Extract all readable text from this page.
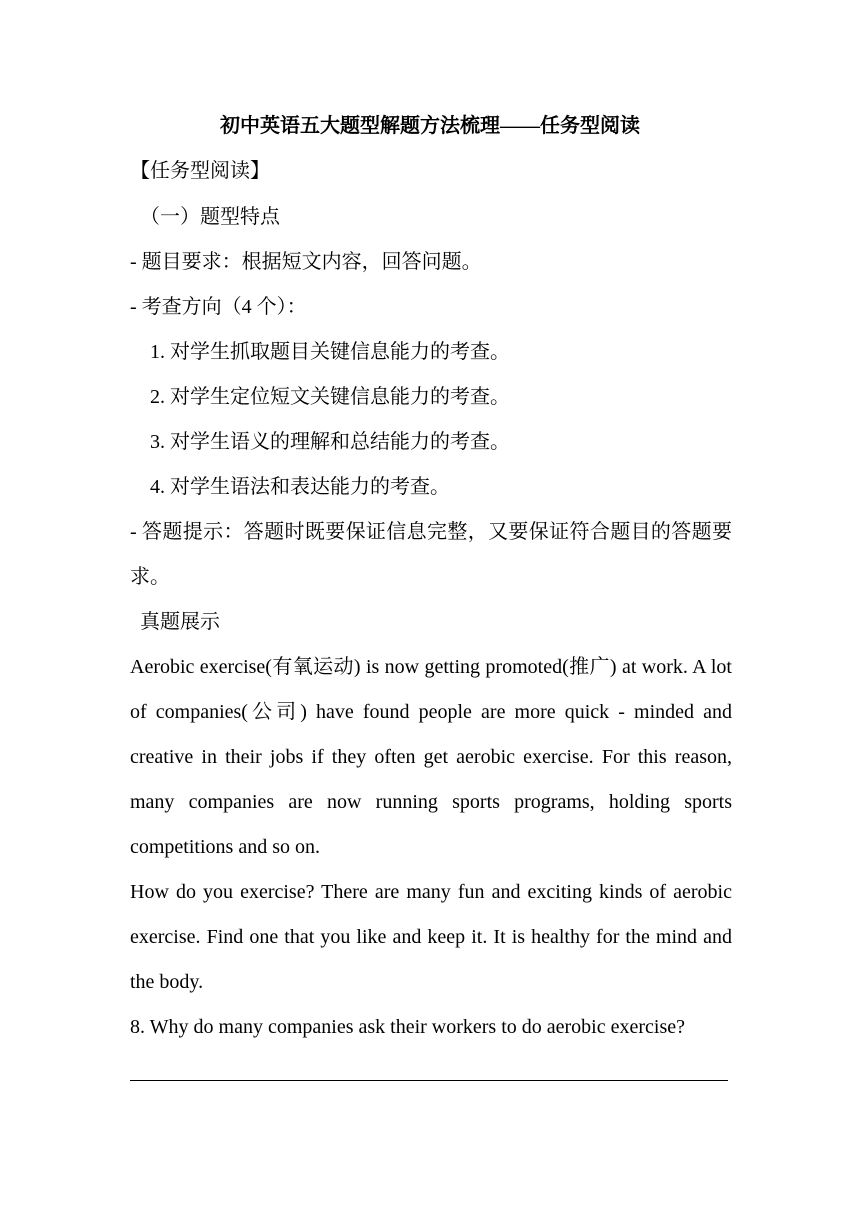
初中英语五大题型解题方法梳理——任务型阅读
【任务型阅读】
（一）题型特点
- 题目要求：根据短文内容，回答问题。
- 考查方向（4 个）：
1. 对学生抓取题目关键信息能力的考查。
2. 对学生定位短文关键信息能力的考查。
3. 对学生语义的理解和总结能力的考查。
4. 对学生语法和表达能力的考查。
- 答题提示：答题时既要保证信息完整，又要保证符合题目的答题要求。
真题展示
Aerobic exercise(有氧运动) is now getting promoted(推广) at work. A lot of companies(公司) have found people are more quick - minded and creative in their jobs if they often get aerobic exercise. For this reason, many companies are now running sports programs, holding sports competitions and so on.
How do you exercise? There are many fun and exciting kinds of aerobic exercise. Find one that you like and keep it. It is healthy for the mind and the body.
8. Why do many companies ask their workers to do aerobic exercise?
